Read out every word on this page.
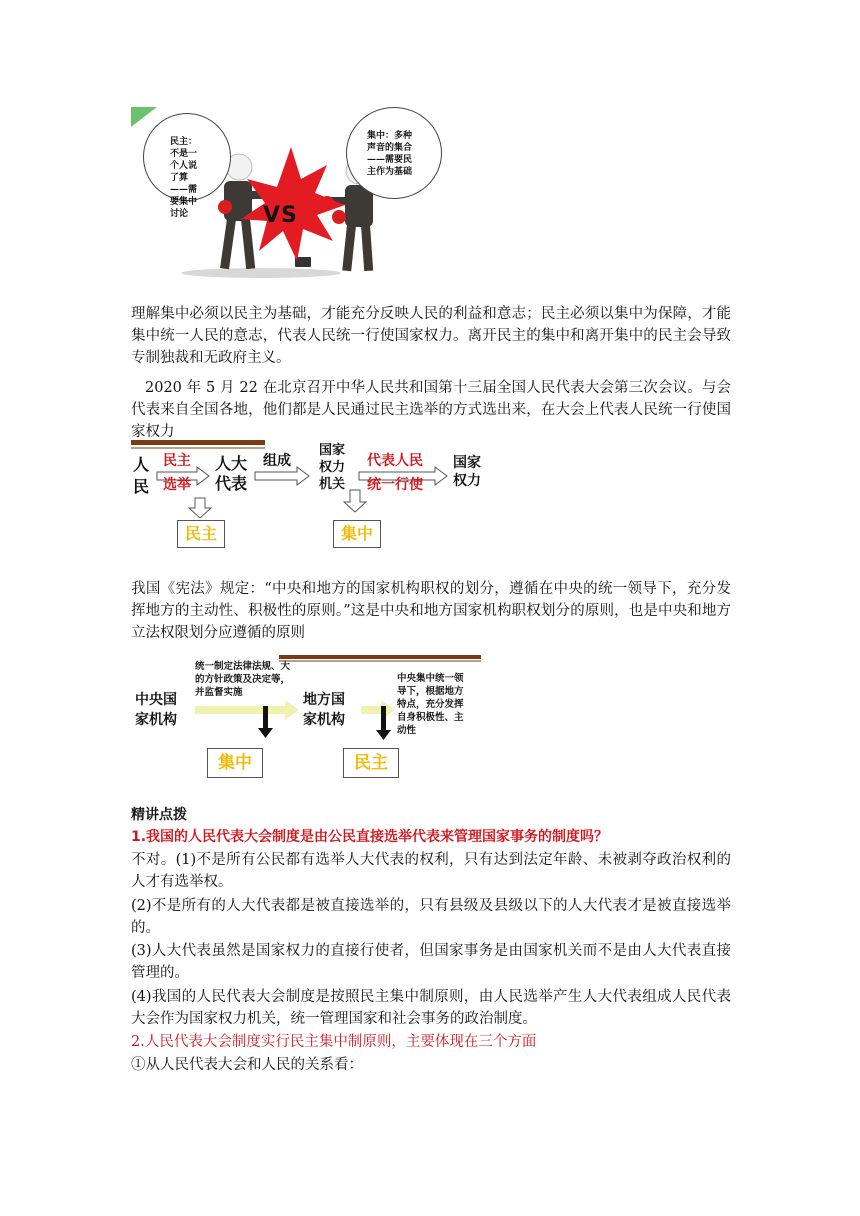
VS
民主：不是一个人说了算——需要集中讨论
集中：多种声音的集合——需要民主作为基础
理解集中必须以民主为基础，才能充分反映人民的利益和意志；民主必须以集中为保障，才能集中统一人民的意志，代表人民统一行使国家权力。离开民主的集中和离开集中的民主会导致专制独裁和无政府主义。
2020 年 5 月 22 在北京召开中华人民共和国第十三届全国人民代表大会第三次会议。与会代表来自全国各地，他们都是人民通过民主选举的方式选出来，在大会上代表人民统一行使国家权力
人民
民主
选举
人大代表
组成
国家权力机关
代表人民
统一行使
国家权力
民主	集中
我国《宪法》规定：“中央和地方的国家机构职权的划分，遵循在中央的统一领导下，充分发挥地方的主动性、积极性的原则。”这是中央和地方国家机构职权划分的原则，也是中央和地方立法权限划分应遵循的原则
中央国家机构
统一制定法律法规、大的方针政策及决定等，并监督实施	地方国家机构
中央集中统一领导下，根据地方特点，充分发挥自身积极性、主动性
集中	民主
精讲点拨
1.我国的人民代表大会制度是由公民直接选举代表来管理国家事务的制度吗？
不对。(1)不是所有公民都有选举人大代表的权利，只有达到法定年龄、未被剥夺政治权利的人才有选举权。
(2)不是所有的人大代表都是被直接选举的，只有县级及县级以下的人大代表才是被直接选举的。
(3)人大代表虽然是国家权力的直接行使者，但国家事务是由国家机关而不是由人大代表直接管理的。
(4)我国的人民代表大会制度是按照民主集中制原则，由人民选举产生人大代表组成人民代表大会作为国家权力机关，统一管理国家和社会事务的政治制度。
2.人民代表大会制度实行民主集中制原则，主要体现在三个方面
①从人民代表大会和人民的关系看：
